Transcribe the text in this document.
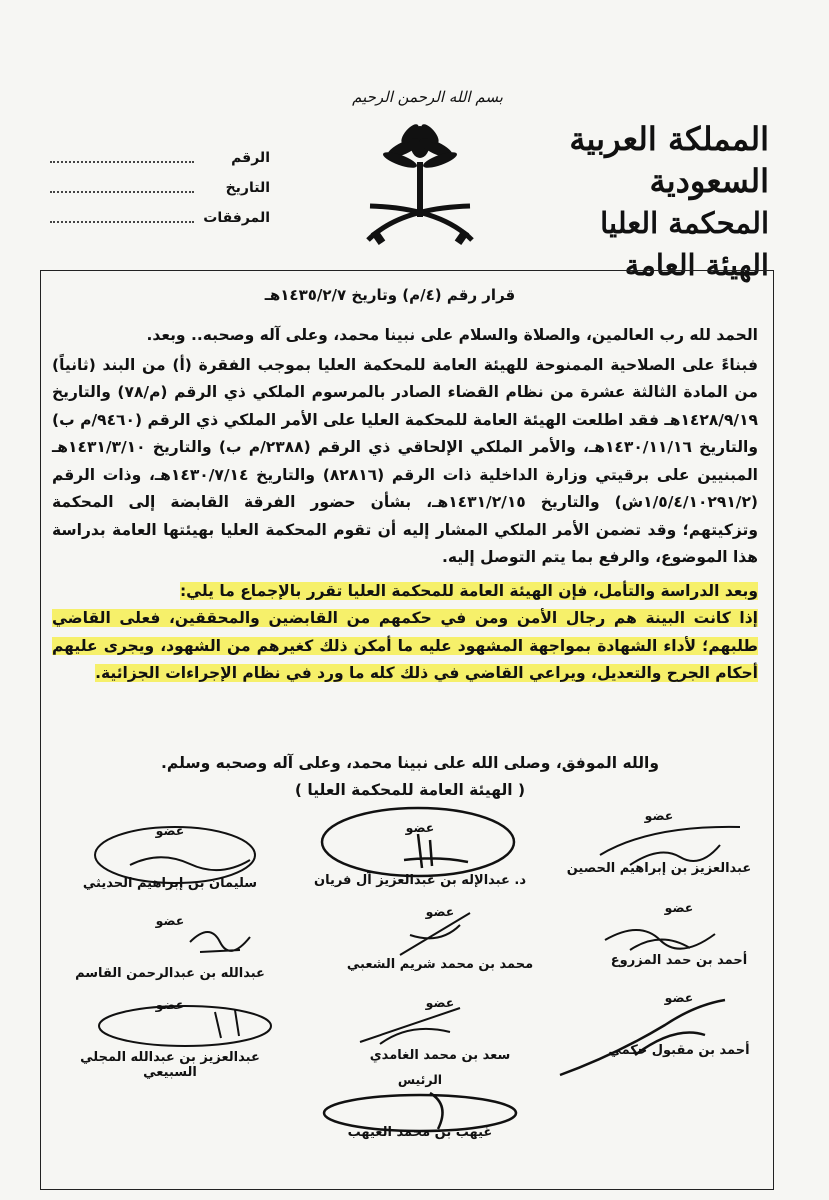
بسم الله الرحمن الرحيم
المملكة العربية السعودية
المحكمة العليا
الهيئة العامة
الرقم
التاريخ
المرفقات
قرار رقم (٤/م) وتاريخ ١٤٣٥/٢/٧هـ

الحمد لله رب العالمين، والصلاة والسلام على نبينا محمد، وعلى آله وصحبه.. وبعد.

فبناءً على الصلاحية الممنوحة للهيئة العامة للمحكمة العليا بموجب الفقرة (أ) من البند (ثانياً) من المادة الثالثة عشرة من نظام القضاء الصادر بالمرسوم الملكي ذي الرقم (م/٧٨) والتاريخ ١٤٢٨/٩/١٩هـ فقد اطلعت الهيئة العامة للمحكمة العليا على الأمر الملكي ذي الرقم (٩٤٦٠/م ب) والتاريخ ١٤٣٠/١١/١٦هـ، والأمر الملكي الإلحاقي ذي الرقم (٢٣٨٨/م ب) والتاريخ ١٤٣١/٣/١٠هـ المبنيين على برقيتي وزارة الداخلية ذات الرقم (٨٢٨١٦) والتاريخ ١٤٣٠/٧/١٤هـ، وذات الرقم (١/٥/٤/١٠٢٩١/٢ش) والتاريخ ١٤٣١/٢/١٥هـ، بشأن حضور الفرقة القابضة إلى المحكمة وتزكيتهم؛ وقد تضمن الأمر الملكي المشار إليه أن تقوم المحكمة العليا بهيئتها العامة بدراسة هذا الموضوع، والرفع بما يتم التوصل إليه.

وبعد الدراسة والتأمل، فإن الهيئة العامة للمحكمة العليا تقرر بالإجماع ما يلي:

إذا كانت البينة هم رجال الأمن ومن في حكمهم من القابضين والمحققين، فعلى القاضي طلبهم؛ لأداء الشهادة بمواجهة المشهود عليه ما أمكن ذلك كغيرهم من الشهود، ويجرى عليهم أحكام الجرح والتعديل، ويراعي القاضي في ذلك كله ما ورد في نظام الإجراءات الجزائية.

والله الموفق، وصلى الله على نبينا محمد، وعلى آله وصحبه وسلم.
( الهيئة العامة للمحكمة العليا )
عضو
عبدالعزيز بن إبراهيم الحصين
عضو
د. عبدالإله بن عبدالعزيز آل فريان
عضو
سليمان بن إبراهيم الحديثي
عضو
أحمد بن حمد المزروع
عضو
محمد بن محمد شريم الشعبي
عضو
عبدالله بن عبدالرحمن القاسم
عضو
أحمد بن مقبول حكمي
عضو
سعد بن محمد الغامدي
عضو
عبدالعزيز بن عبدالله المجلي السبيعي	الرئيس
غيهب بن محمد الغيهب
